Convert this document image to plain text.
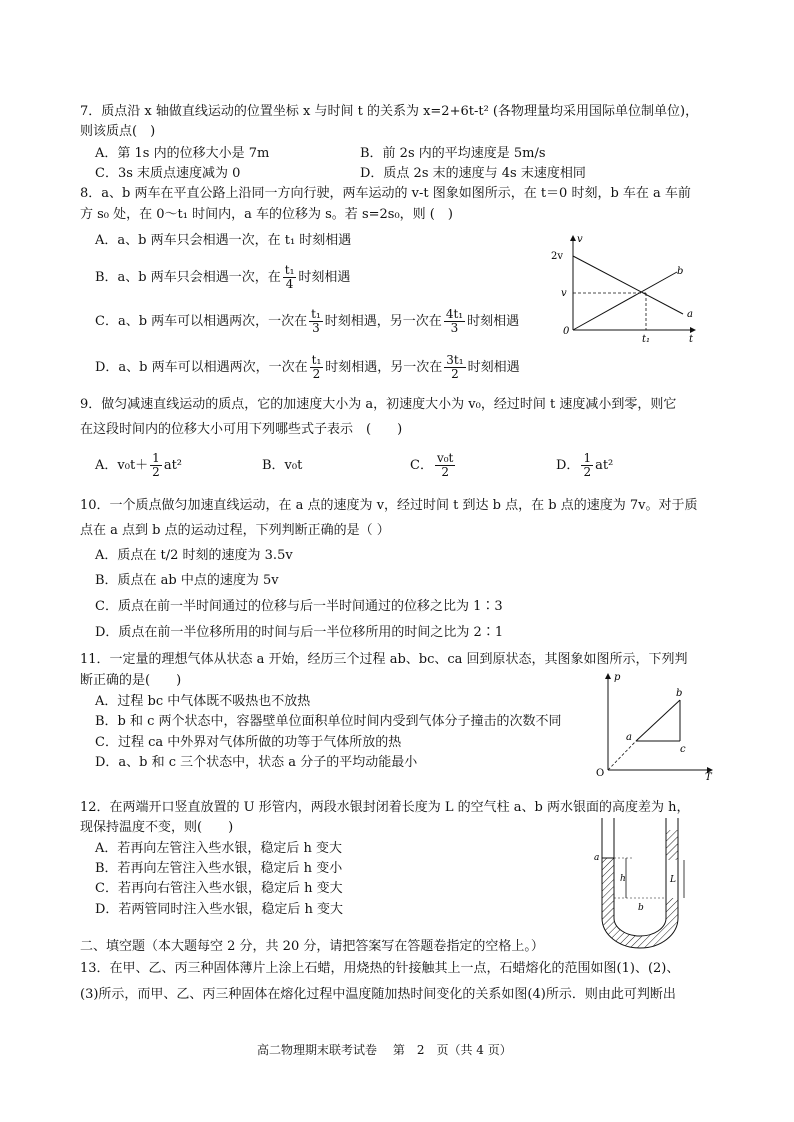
7．质点沿 x 轴做直线运动的位置坐标 x 与时间 t 的关系为 x=2+6t-t² (各物理量均采用国际单位制单位)，
则该质点(　)
A．第 1s 内的位移大小是 7m	B．前 2s 内的平均速度是 5m/s
C．3s 末质点速度减为 0	D．质点 2s 末的速度与 4s 末速度相同
8．a、b 两车在平直公路上沿同一方向行驶，两车运动的 v-t 图象如图所示，在 t＝0 时刻，b 车在 a 车前
方 s₀ 处，在 0～t₁ 时间内，a 车的位移为 s。若 s=2s₀，则 (　)
A．a、b 两车只会相遇一次，在 t₁ 时刻相遇
B．a、b 两车只会相遇一次，在 $\frac{\text{t₁}}{4}$ 时刻相遇
C．a、b 两车可以相遇两次，一次在 $\frac{\text{t₁}}{3}$ 时刻相遇，另一次在 $\frac{\text{4t₁}}{3}$ 时刻相遇
D．a、b 两车可以相遇两次，一次在 $\frac{\text{t₁}}{2}$ 时刻相遇，另一次在 $\frac{\text{3t₁}}{2}$ 时刻相遇
v
2v
v
0
t₁	t
a
b
9．做匀减速直线运动的质点，它的加速度大小为 a，初速度大小为 v₀，经过时间 t 速度减小到零，则它
在这段时间内的位移大小可用下列哪些式子表示　(　　)
A．$v_0t+ \frac{1}{2} at^2$	B．v₀t	C． $\frac{\text{v₀t}}{2}$	D． $\frac{1}{2} at^2$
10．一个质点做匀加速直线运动，在 a 点的速度为 v，经过时间 t 到达 b 点，在 b 点的速度为 7v。对于质
点在 a 点到 b 点的运动过程，下列判断正确的是（ ）
A．质点在 t/2 时刻的速度为 3.5v
B．质点在 ab 中点的速度为 5v
C．质点在前一半时间通过的位移与后一半时间通过的位移之比为 1∶3
D．质点在前一半位移所用的时间与后一半位移所用的时间之比为 2∶1
11．一定量的理想气体从状态 a 开始，经历三个过程 ab、bc、ca 回到原状态，其图象如图所示，下列判
断正确的是(　　)
A．过程 bc 中气体既不吸热也不放热
B．b 和 c 两个状态中，容器壁单位面积单位时间内受到气体分子撞击的次数不同
C．过程 ca 中外界对气体所做的功等于气体所放的热
D．a、b 和 c 三个状态中，状态 a 分子的平均动能最小
p
T
O
a
b
c
12．在两端开口竖直放置的 U 形管内，两段水银封闭着长度为 L 的空气柱 a、b 两水银面的高度差为 h，
现保持温度不变，则(　　)
A．若再向左管注入些水银，稳定后 h 变大
B．若再向左管注入些水银，稳定后 h 变小
C．若再向右管注入些水银，稳定后 h 变大
D．若两管同时注入些水银，稳定后 h 变大
a
h
b
L
二、填空题（本大题每空 2 分，共 20 分，请把答案写在答题卷指定的空格上。）
13．在甲、乙、丙三种固体薄片上涂上石蜡，用烧热的针接触其上一点，石蜡熔化的范围如图(1)、(2)、
(3)所示，而甲、乙、丙三种固体在熔化过程中温度随加热时间变化的关系如图(4)所示．则由此可判断出
高二物理期末联考试卷　 第　2　页（共 4 页）
